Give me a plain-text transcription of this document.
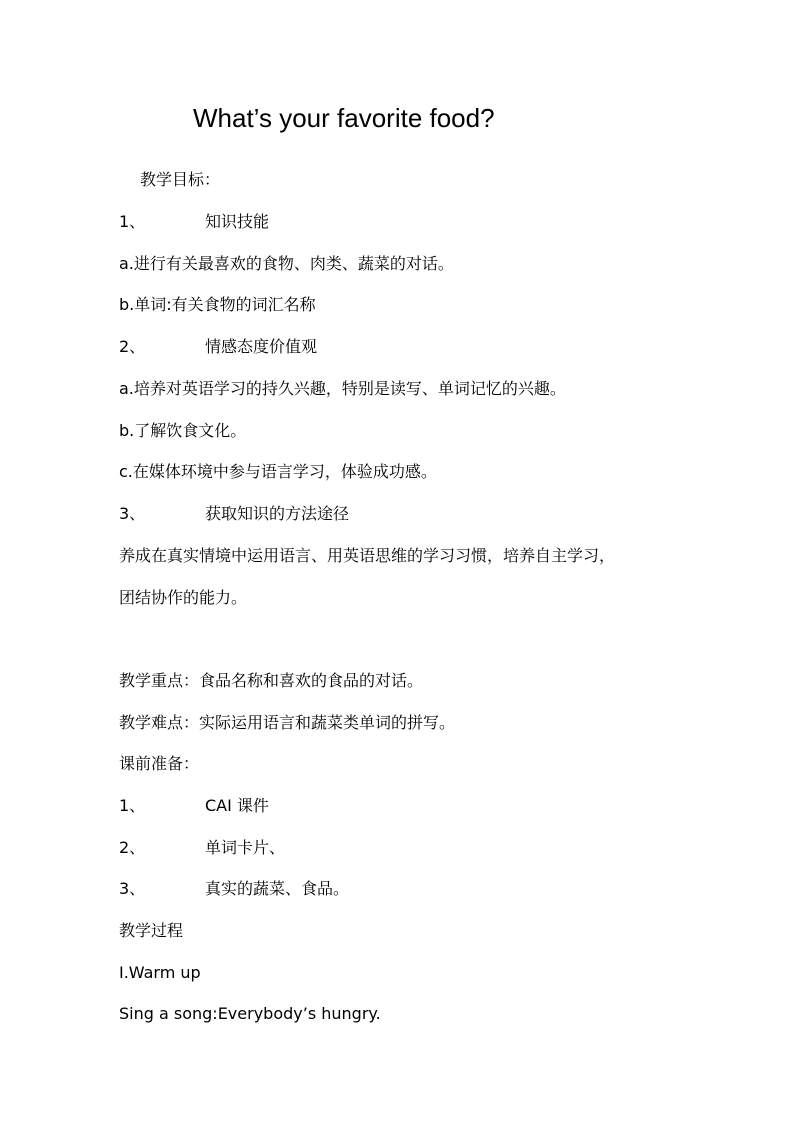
What’s your favorite food?
教学目标：
1、	知识技能
a.进行有关最喜欢的食物、肉类、蔬菜的对话。
b.单词:有关食物的词汇名称
2、	情感态度价值观
a.培养对英语学习的持久兴趣，特别是读写、单词记忆的兴趣。
b.了解饮食文化。
c.在媒体环境中参与语言学习，体验成功感。
3、	获取知识的方法途径
养成在真实情境中运用语言、用英语思维的学习习惯，培养自主学习，
团结协作的能力。
教学重点：食品名称和喜欢的食品的对话。
教学难点：实际运用语言和蔬菜类单词的拼写。
课前准备：
1、	CAI 课件
2、	单词卡片、
3、	真实的蔬菜、食品。
教学过程
I.Warm up
Sing a song:Everybody’s hungry.
